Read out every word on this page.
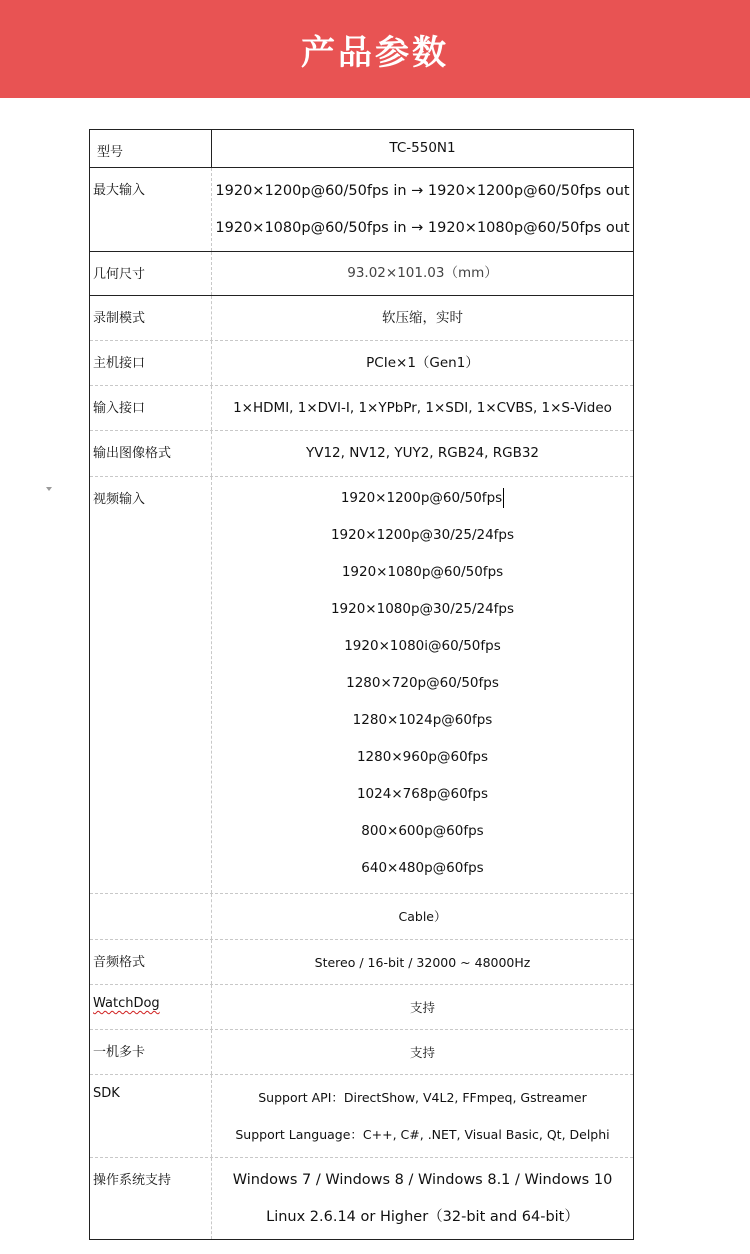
产品参数
型号	TC-550N1
最大输入	1920×1200p@60/50fps in → 1920×1200p@60/50fps out
1920×1080p@60/50fps in → 1920×1080p@60/50fps out
几何尺寸	93.02×101.03（mm）
录制模式	软压缩，实时
主机接口	PCIe×1（Gen1）
输入接口	1×HDMI, 1×DVI-I, 1×YPbPr, 1×SDI, 1×CVBS, 1×S-Video
输出图像格式	YV12, NV12, YUY2, RGB24, RGB32
视频输入	1920×1200p@60/50fps
1920×1200p@30/25/24fps
1920×1080p@60/50fps
1920×1080p@30/25/24fps
1920×1080i@60/50fps
1280×720p@60/50fps
1280×1024p@60fps
1280×960p@60fps
1024×768p@60fps
800×600p@60fps
640×480p@60fps
Cable）
音频格式	Stereo / 16-bit / 32000 ~ 48000Hz
WatchDog	支持
一机多卡	支持
SDK	Support API：DirectShow, V4L2, FFmpeq, Gstreamer
Support Language：C++, C#, .NET, Visual Basic, Qt, Delphi
操作系统支持	Windows 7 / Windows 8 / Windows 8.1 / Windows 10
Linux 2.6.14 or Higher（32-bit and 64-bit）
